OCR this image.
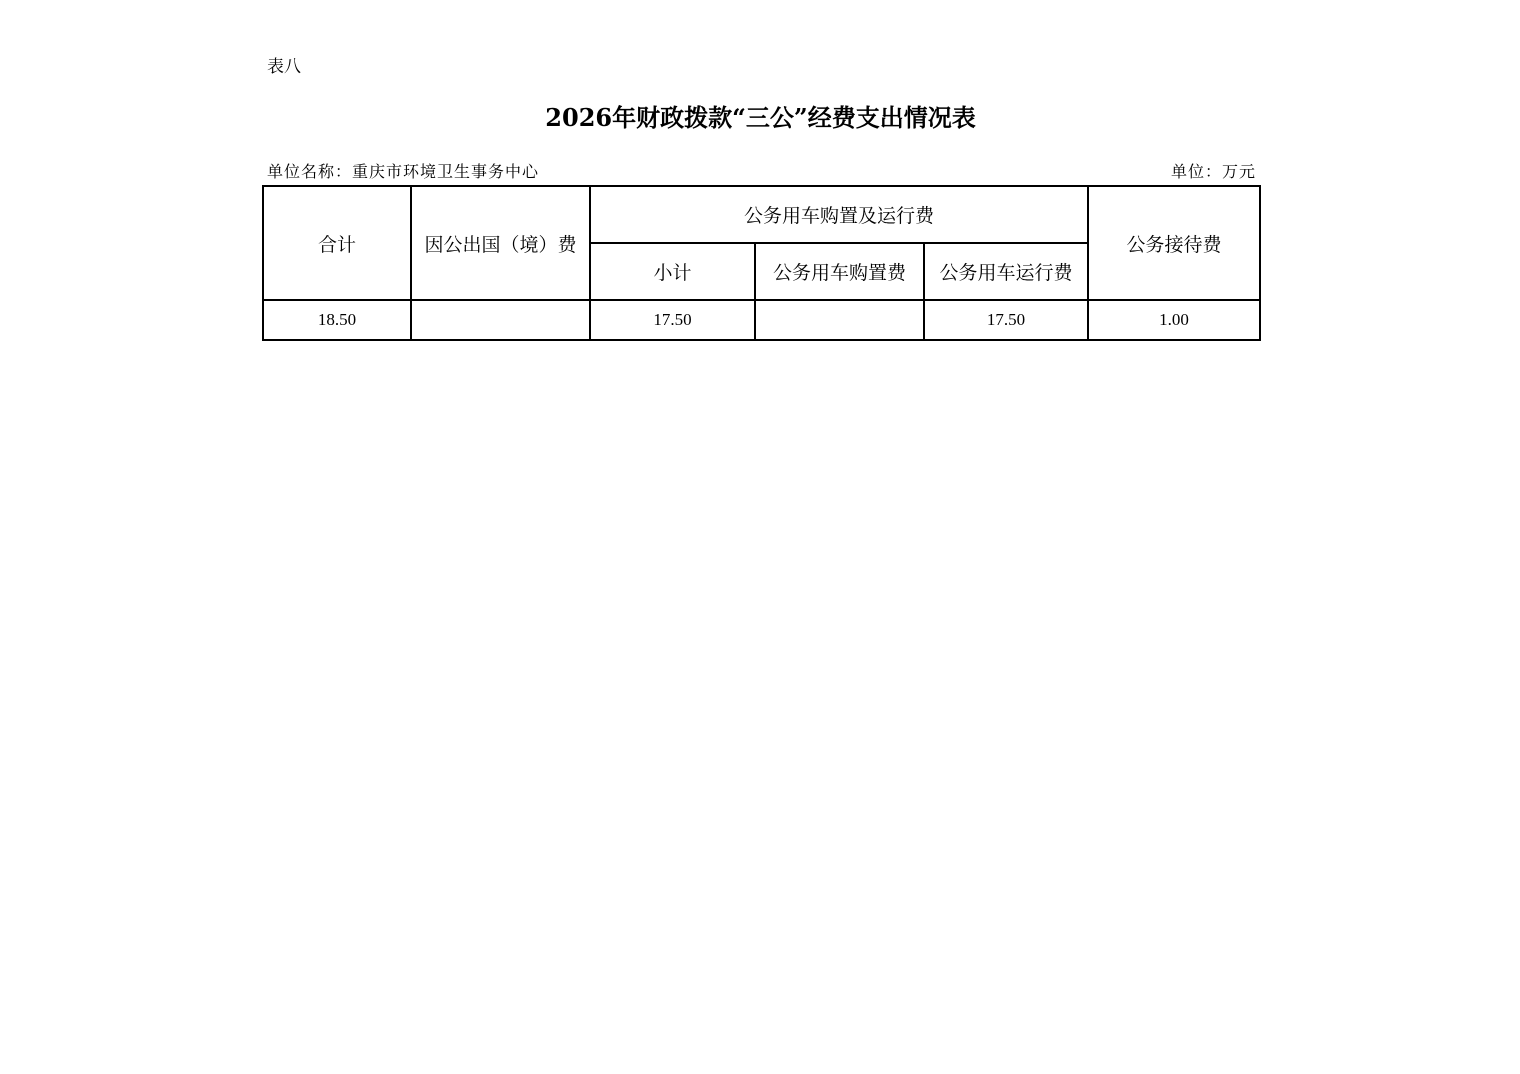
表八
2026年财政拨款“三公”经费支出情况表
单位名称：重庆市环境卫生事务中心	单位：万元
合计	因公出国（境）费	公务用车购置及运行费			公务接待费
		小计	公务用车购置费	公务用车运行费	
18.50		17.50		17.50	1.00
